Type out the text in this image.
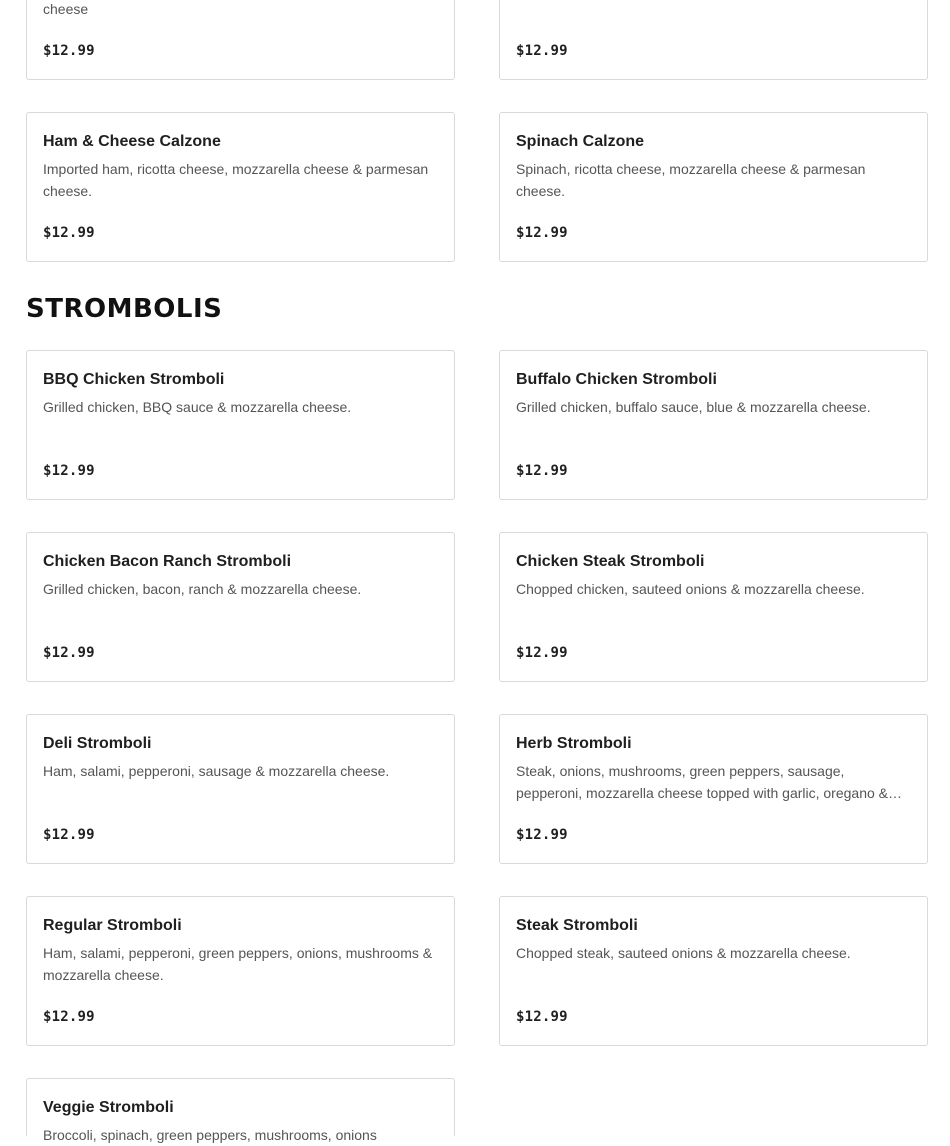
cheese
$12.99	$12.99
Ham & Cheese Calzone
Imported ham, ricotta cheese, mozzarella cheese & parmesan cheese.
$12.99
Spinach Calzone
Spinach, ricotta cheese, mozzarella cheese & parmesan cheese.
$12.99
STROMBOLIS
BBQ Chicken Stromboli
Grilled chicken, BBQ sauce & mozzarella cheese.
$12.99
Buffalo Chicken Stromboli
Grilled chicken, buffalo sauce, blue & mozzarella cheese.
$12.99
Chicken Bacon Ranch Stromboli
Grilled chicken, bacon, ranch & mozzarella cheese.
$12.99
Chicken Steak Stromboli
Chopped chicken, sauteed onions & mozzarella cheese.
$12.99
Deli Stromboli
Ham, salami, pepperoni, sausage & mozzarella cheese.
$12.99
Herb Stromboli
Steak, onions, mushrooms, green peppers, sausage, pepperoni, mozzarella cheese topped with garlic, oregano &…
$12.99
Regular Stromboli
Ham, salami, pepperoni, green peppers, onions, mushrooms & mozzarella cheese.
$12.99
Steak Stromboli
Chopped steak, sauteed onions & mozzarella cheese.
$12.99
Veggie Stromboli
Broccoli, spinach, green peppers, mushrooms, onions
